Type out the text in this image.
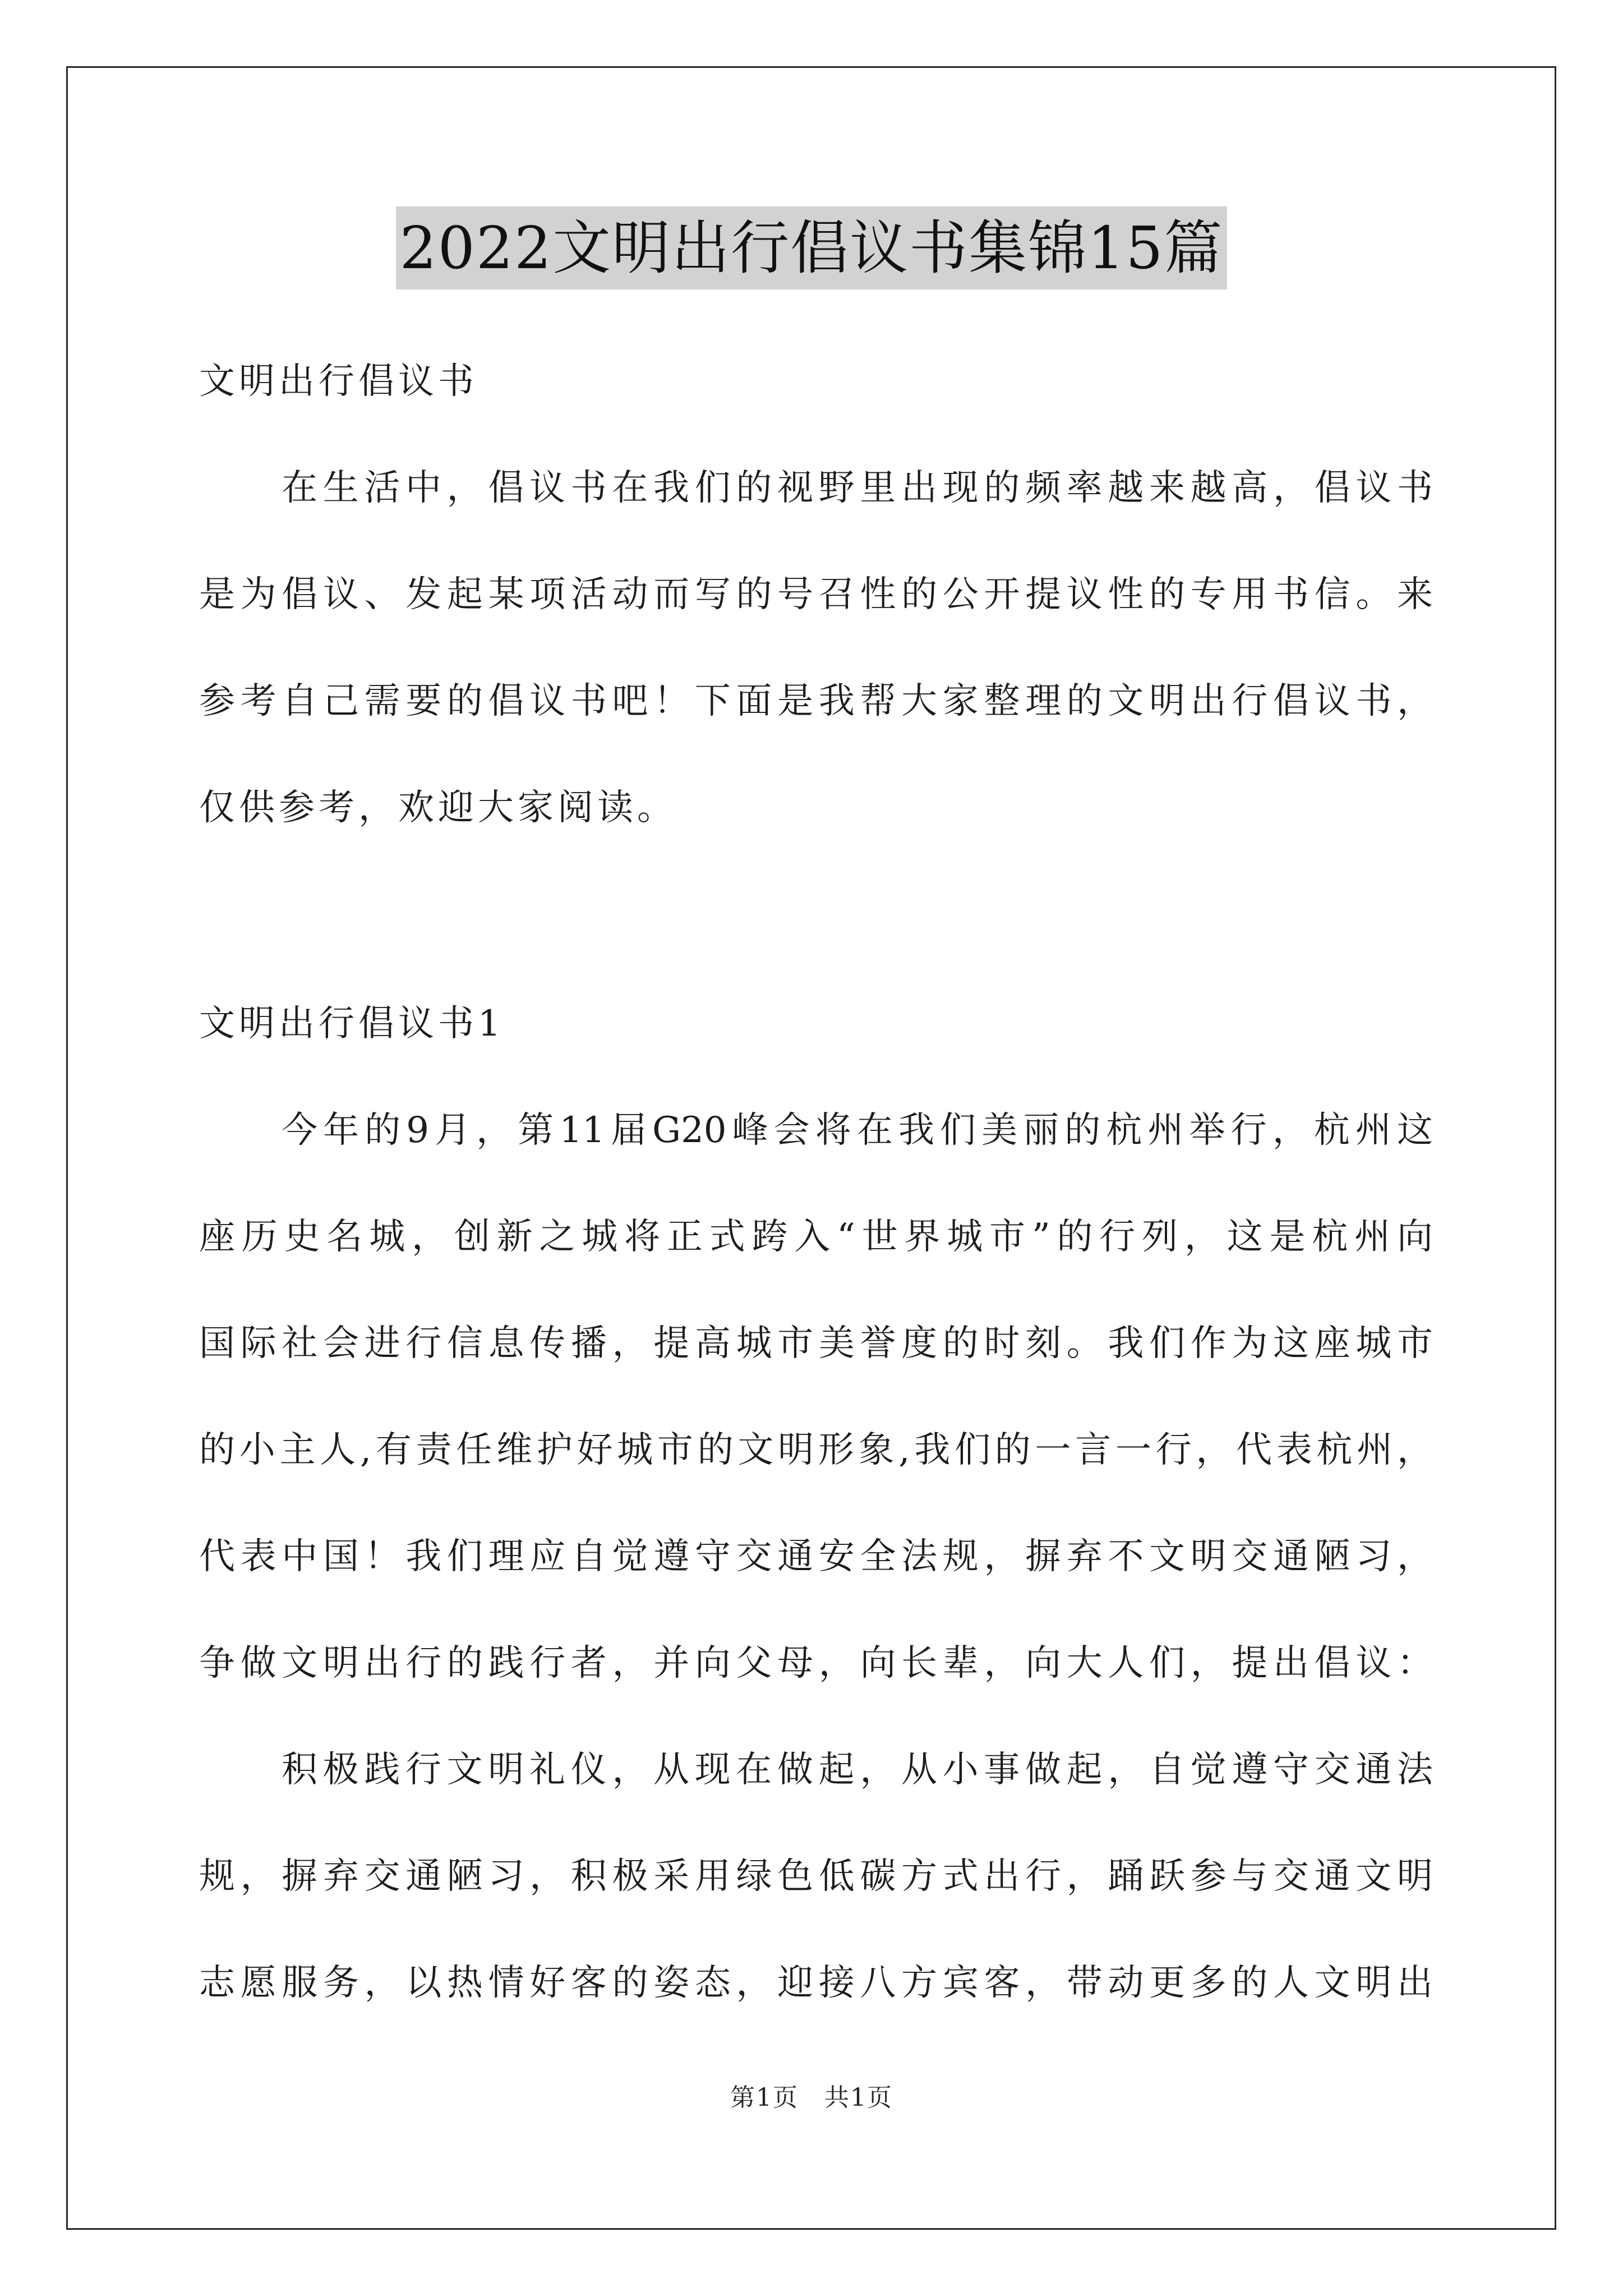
2022文明出行倡议书集锦15篇
文明出行倡议书
在生活中，倡议书在我们的视野里出现的频率越来越高，倡议书
是为倡议、发起某项活动而写的号召性的公开提议性的专用书信。来
参考自己需要的倡议书吧！下面是我帮大家整理的文明出行倡议书，
仅供参考，欢迎大家阅读。
文明出行倡议书1
今年的9月，第11届G20峰会将在我们美丽的杭州举行，杭州这
座历史名城，创新之城将正式跨入“世界城市”的行列，这是杭州向
国际社会进行信息传播，提高城市美誉度的时刻。我们作为这座城市
的小主人,有责任维护好城市的文明形象,我们的一言一行，代表杭州，
代表中国！我们理应自觉遵守交通安全法规，摒弃不文明交通陋习，
争做文明出行的践行者，并向父母，向长辈，向大人们，提出倡议：
积极践行文明礼仪，从现在做起，从小事做起，自觉遵守交通法
规，摒弃交通陋习，积极采用绿色低碳方式出行，踊跃参与交通文明
志愿服务，以热情好客的姿态，迎接八方宾客，带动更多的人文明出
第1页　共1页
